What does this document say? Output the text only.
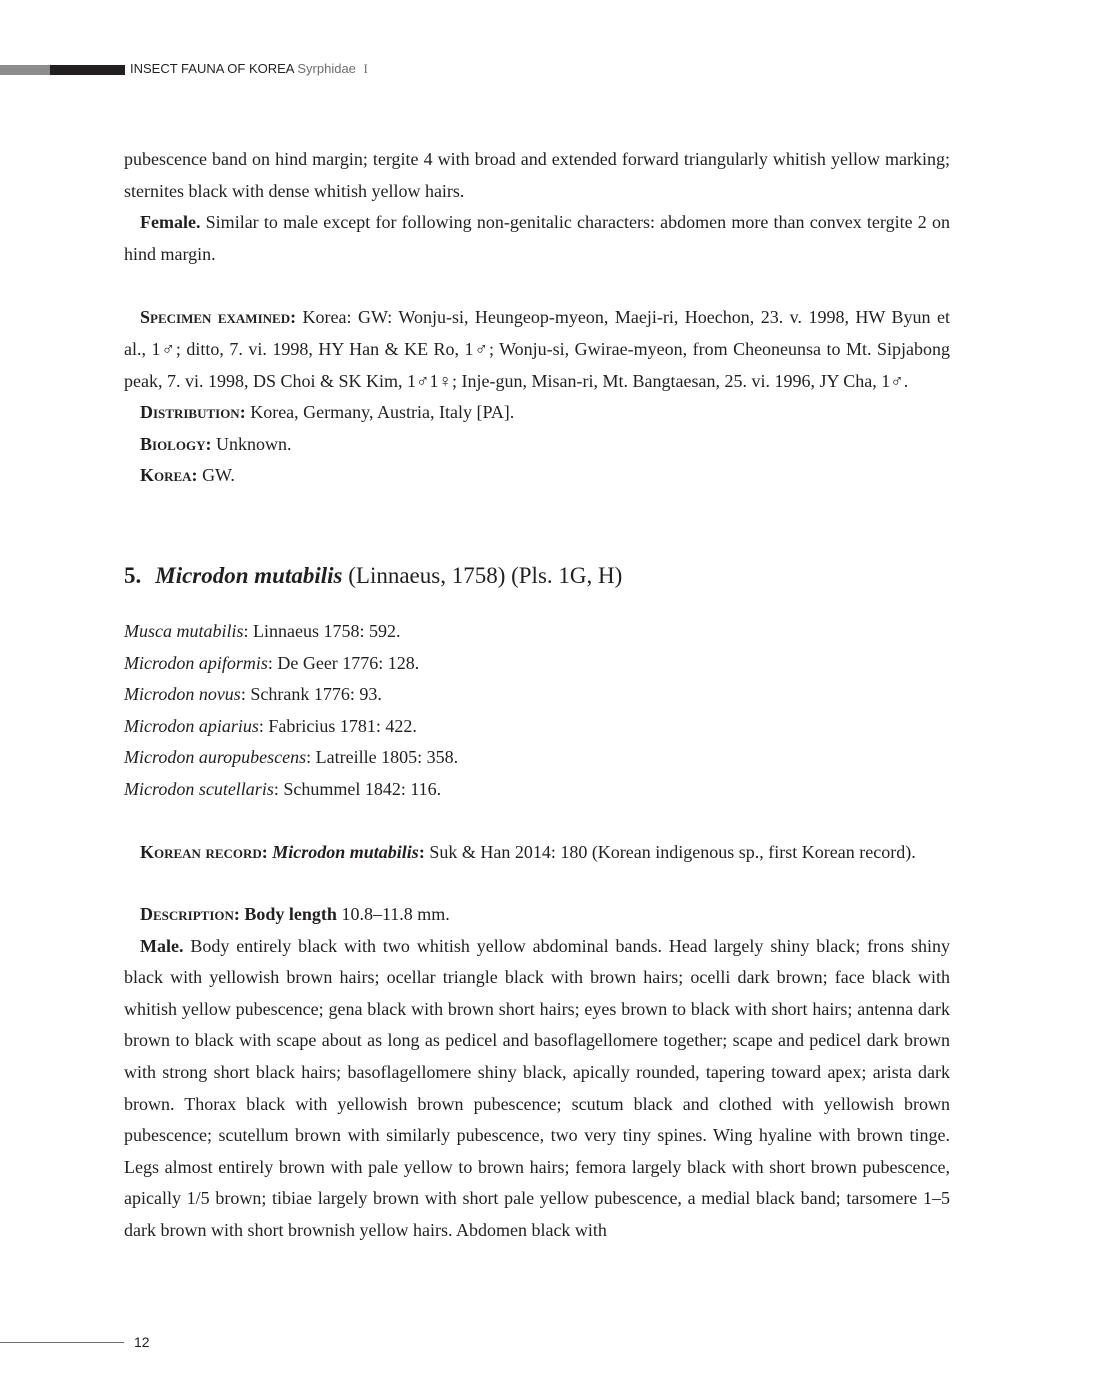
INSECT FAUNA OF KOREA Syrphidae I

pubescence band on hind margin; tergite 4 with broad and extended forward triangularly whitish yellow marking; sternites black with dense whitish yellow hairs.

Female. Similar to male except for following non-genitalic characters: abdomen more than convex tergite 2 on hind margin.

Specimen examined: Korea: GW: Wonju-si, Heungeop-myeon, Maeji-ri, Hoechon, 23. v. 1998, HW Byun et al., 1♂; ditto, 7. vi. 1998, HY Han & KE Ro, 1♂; Wonju-si, Gwirae-myeon, from Cheoneunsa to Mt. Sipjabong peak, 7. vi. 1998, DS Choi & SK Kim, 1♂1♀; Inje-gun, Misan-ri, Mt. Bangtaesan, 25. vi. 1996, JY Cha, 1♂.

Distribution: Korea, Germany, Austria, Italy [PA].

Biology: Unknown.

Korea: GW.

5. Microdon mutabilis (Linnaeus, 1758) (Pls. 1G, H)

Musca mutabilis: Linnaeus 1758: 592.
Microdon apiformis: De Geer 1776: 128.
Microdon novus: Schrank 1776: 93.
Microdon apiarius: Fabricius 1781: 422.
Microdon auropubescens: Latreille 1805: 358.
Microdon scutellaris: Schummel 1842: 116.

Korean record: Microdon mutabilis: Suk & Han 2014: 180 (Korean indigenous sp., first Korean record).

Description: Body length 10.8–11.8 mm.

Male. Body entirely black with two whitish yellow abdominal bands. Head largely shiny black; frons shiny black with yellowish brown hairs; ocellar triangle black with brown hairs; ocelli dark brown; face black with whitish yellow pubescence; gena black with brown short hairs; eyes brown to black with short hairs; antenna dark brown to black with scape about as long as pedicel and basoflagellomere together; scape and pedicel dark brown with strong short black hairs; basoflagellomere shiny black, apically rounded, tapering toward apex; arista dark brown. Thorax black with yellowish brown pubescence; scutum black and clothed with yellowish brown pubescence; scutellum brown with similarly pubescence, two very tiny spines. Wing hyaline with brown tinge. Legs almost entirely brown with pale yellow to brown hairs; femora largely black with short brown pubescence, apically 1/5 brown; tibiae largely brown with short pale yellow pubescence, a medial black band; tarsomere 1–5 dark brown with short brownish yellow hairs. Abdomen black with

12
